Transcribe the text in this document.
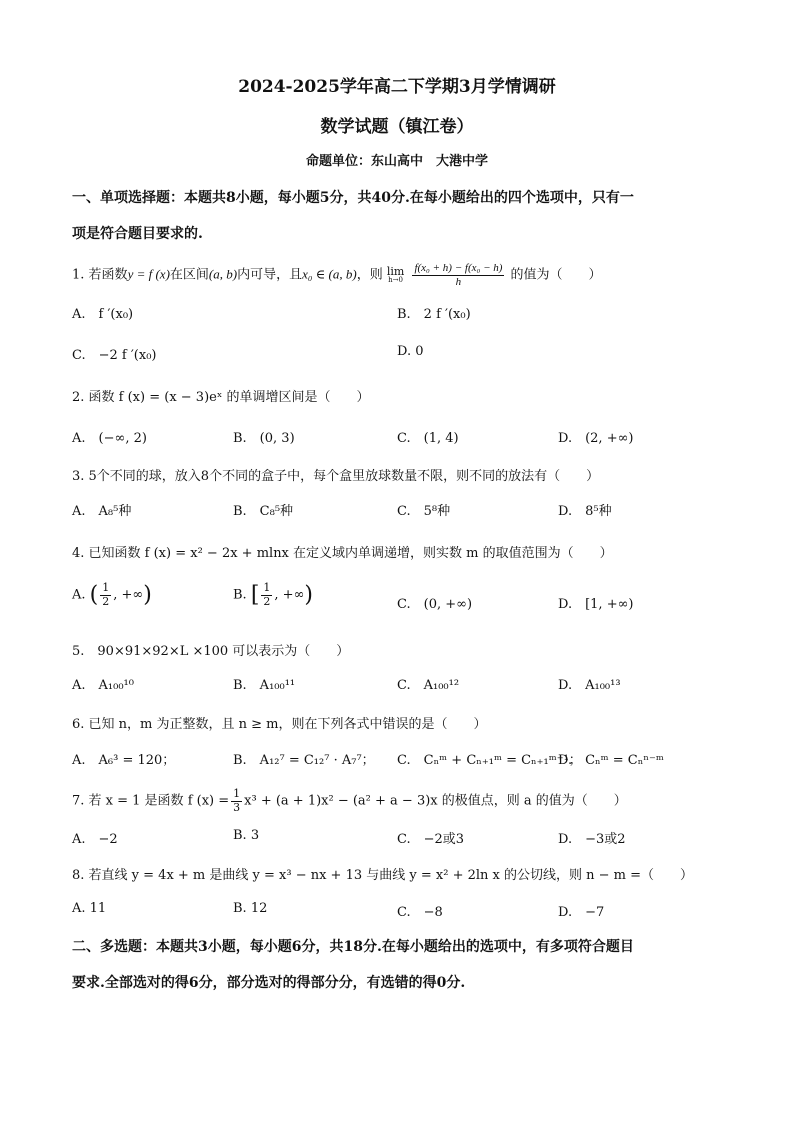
2024-2025学年高二下学期3月学情调研
数学试题（镇江卷）
命题单位：东山高中　大港中学
一、单项选择题：本题共8小题，每小题5分，共40分.在每小题给出的四个选项中，只有一
项是符合题目要求的.
1. 若函数y = f (x)在区间(a, b)内可导，且x₀ ∈ (a, b)，则 lim
h→0
$\frac{\text{f(x₀ + h) − f(x₀ − h)}}{h}$ 的值为（　　）
A.　f ′(x₀)	B.　2 f ′(x₀)
C.　−2 f ′(x₀)	D. 0
2. 函数 f (x) = (x − 3)eˣ 的单调增区间是（　　）
A.　(−∞, 2)	B.　(0, 3)	C.　(1, 4)	D.　(2, +∞)
3. 5个不同的球，放入8个不同的盒子中，每个盒里放球数量不限，则不同的放法有（　　）
A.　A₈⁵种	B.　C₈⁵种	C.　5⁸种	D.　8⁵种
4. 已知函数 f (x) = x² − 2x + mlnx 在定义域内单调递增，则实数 m 的取值范围为（　　）
A. ( $\frac{1}{2}$ , +∞)	B. [ $\frac{1}{2}$ , +∞)	C.　(0, +∞)	D.　[1, +∞)
5.　90×91×92×L ×100 可以表示为（　　）
A.　A₁₀₀¹⁰	B.　A₁₀₀¹¹	C.　A₁₀₀¹²	D.　A₁₀₀¹³
6. 已知 n，m 为正整数，且 n ≥ m，则在下列各式中错误的是（　　）
A.　A₆³ = 120；	B.　A₁₂⁷ = C₁₂⁷ · A₇⁷； C.　Cₙᵐ + Cₙ₊₁ᵐ = Cₙ₊₁ᵐ⁺¹；
D.　Cₙᵐ = Cₙⁿ⁻ᵐ
7. 若 x = 1 是函数 f $(x) = \frac{1}{3} x^3 + (a + 1)x^2 - (a^2 + a - 3)x$ 的极值点，则 a 的值为（　　）
A.　−2	B. 3	C.　−2或3	D.　−3或2
8. 若直线 y = 4x + m 是曲线 y = x³ − nx + 13 与曲线 y = x² + 2ln x 的公切线，则 n − m =（　　）
A. 11	B. 12	C.　−8	D.　−7
二、多选题：本题共3小题，每小题6分，共18分.在每小题给出的选项中，有多项符合题目
要求.全部选对的得6分，部分选对的得部分分，有选错的得0分.
